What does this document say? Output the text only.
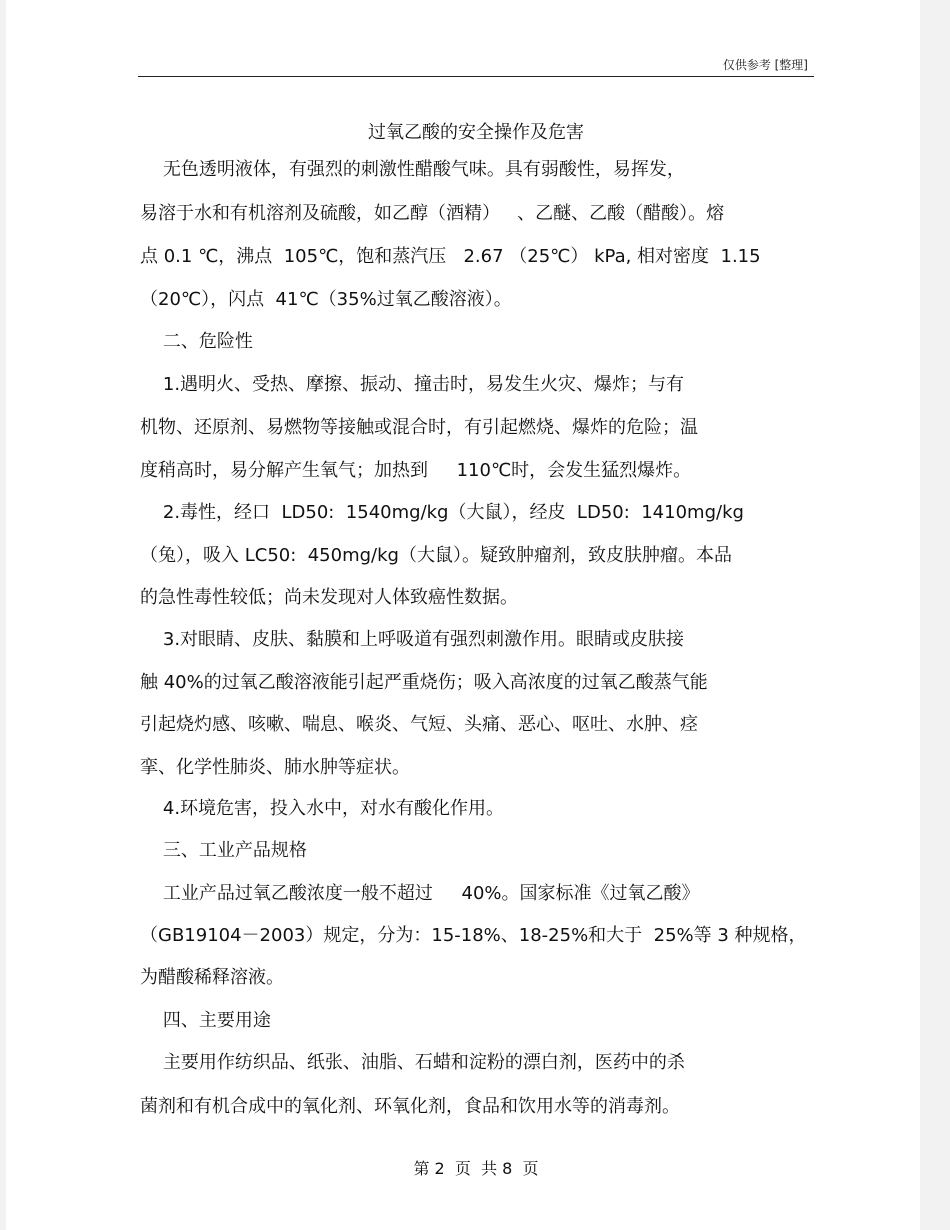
仅供参考 [整理]
过氧乙酸的安全操作及危害
无色透明液体，有强烈的刺激性醋酸气味。具有弱酸性，易挥发，
易溶于水和有机溶剂及硫酸，如乙醇（酒精）   、乙醚、乙酸（醋酸）。熔
点 0.1 ℃，沸点  105℃，饱和蒸汽压   2.67 （25℃） kPa, 相对密度  1.15
（20℃），闪点  41℃（35%过氧乙酸溶液）。
二、危险性
1.遇明火、受热、摩擦、振动、撞击时，易发生火灾、爆炸；与有
机物、还原剂、易燃物等接触或混合时，有引起燃烧、爆炸的危险；温
度稍高时，易分解产生氧气；加热到     110℃时，会发生猛烈爆炸。
2.毒性，经口  LD50:  1540mg/kg（大鼠），经皮  LD50:  1410mg/kg
（兔），吸入 LC50:  450mg/kg（大鼠）。疑致肿瘤剂，致皮肤肿瘤。本品
的急性毒性较低；尚未发现对人体致癌性数据。
3.对眼睛、皮肤、黏膜和上呼吸道有强烈刺激作用。眼睛或皮肤接
触 40%的过氧乙酸溶液能引起严重烧伤；吸入高浓度的过氧乙酸蒸气能
引起烧灼感、咳嗽、喘息、喉炎、气短、头痛、恶心、呕吐、水肿、痉
挛、化学性肺炎、肺水肿等症状。
4.环境危害，投入水中，对水有酸化作用。
三、工业产品规格
工业产品过氧乙酸浓度一般不超过     40%。国家标准《过氧乙酸》
（GB19104－2003）规定，分为：15-18%、18-25%和大于  25%等 3 种规格，
为醋酸稀释溶液。
四、主要用途
主要用作纺织品、纸张、油脂、石蜡和淀粉的漂白剂，医药中的杀
菌剂和有机合成中的氧化剂、环氧化剂，食品和饮用水等的消毒剂。
第 2  页  共 8  页
